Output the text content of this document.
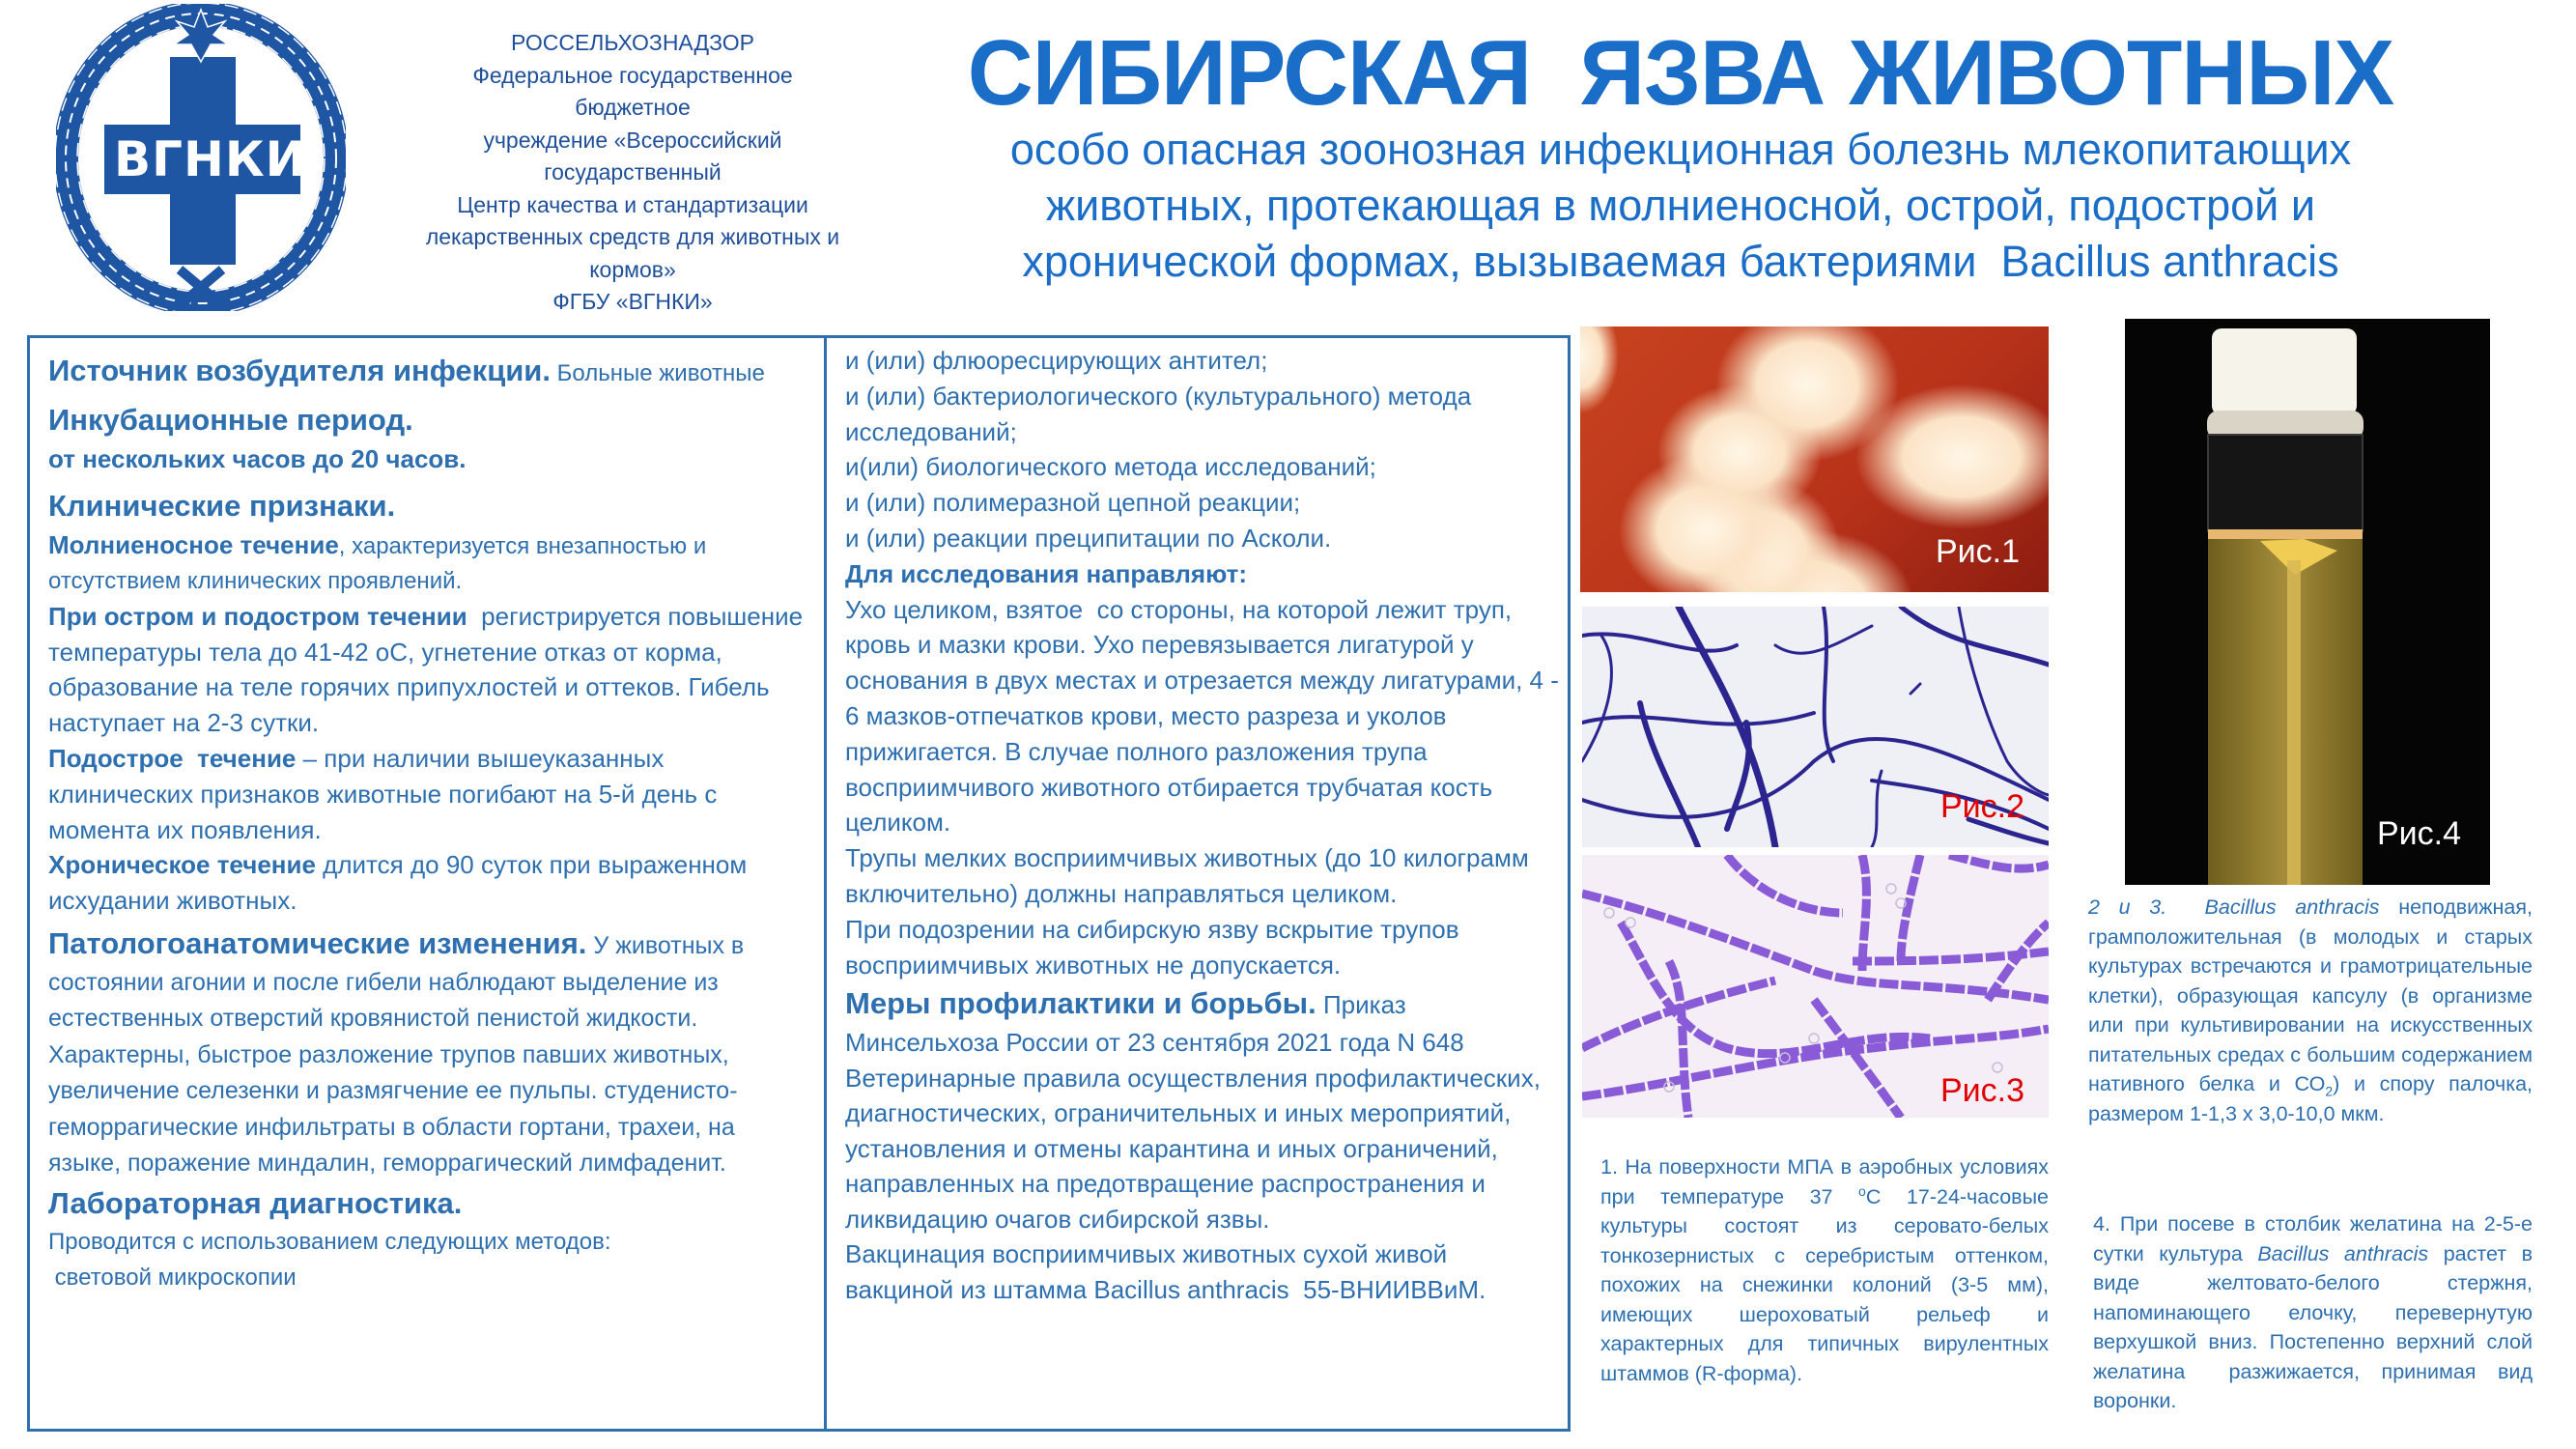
ВГНКИ
РОССЕЛЬХОЗНАДЗОР
Федеральное государственное
бюджетное
учреждение «Всероссийский
государственный
Центр качества и стандартизации
лекарственных средств для животных и
кормов»
ФГБУ «ВГНКИ»
СИБИРСКАЯ  ЯЗВА ЖИВОТНЫХ
особо опасная зоонозная инфекционная болезнь млекопитающих
животных, протекающая в молниеносной, острой, подострой и
хронической формах, вызываемая бактериями  Bacillus anthracis

Источник возбудителя инфекции. Больные животные

Инкубационные период.
от нескольких часов до 20 часов.

Клинические признаки.

Молниеносное течение, характеризуется внезапностью и отсутствием клинических проявлений.

При остром и подостром течении  регистрируется повышение температуры тела до 41-42 оС, угнетение отказ от корма, образование на теле горячих припухлостей и оттеков. Гибель наступает на 2-3 сутки.

Подострое  течение – при наличии вышеуказанных клинических признаков животные погибают на 5-й день с момента их появления.

Хроническое течение длится до 90 суток при выраженном исхудании животных.

Патологоанатомические изменения. У животных в состоянии агонии и после гибели наблюдают выделение из естественных отверстий кровянистой пенистой жидкости. Характерны, быстрое разложение трупов павших животных, увеличение селезенки и размягчение ее пульпы. студенисто-геморрагические инфильтраты в области гортани, трахеи, на языке, поражение миндалин, геморрагический лимфаденит.

Лабораторная диагностика.
Проводится с использованием следующих методов:
световой микроскопии

и (или) флюоресцирующих антител;
и (или) бактериологического (культурального) метода исследований;
и(или) биологического метода исследований;
и (или) полимеразной цепной реакции;
и (или) реакции преципитации по Асколи.
Для исследования направляют:
Ухо целиком, взятое  со стороны, на которой лежит труп, кровь и мазки крови. Ухо перевязывается лигатурой у основания в двух местах и отрезается между лигатурами, 4 - 6 мазков-отпечатков крови, место разреза и уколов прижигается. В случае полного разложения трупа восприимчивого животного отбирается трубчатая кость целиком.
Трупы мелких восприимчивых животных (до 10 килограмм включительно) должны направляться целиком.
При подозрении на сибирскую язву вскрытие трупов восприимчивых животных не допускается.

Меры профилактики и борьбы. Приказ Минсельхоза России от 23 сентября 2021 года N 648 Ветеринарные правила осуществления профилактических, диагностических, ограничительных и иных мероприятий, установления и отмены карантина и иных ограничений, направленных на предотвращение распространения и ликвидацию очагов сибирской язвы.

Вакцинация восприимчивых животных сухой живой вакциной из штамма Bacillus anthracis  55-ВНИИВВиМ.
Рис.1
Рис.2
Рис.3
Рис.4
1. На поверхности МПА в аэробных условиях при температуре 37 $^о$С 17-24-часовые культуры состоят из серовато-белых тонкозернистых с серебристым оттенком, похожих на снежинки колоний (3-5 мм), имеющих шероховатый рельеф и характерных для типичных вирулентных штаммов (R-форма).
2 и 3.  Bacillus anthracis неподвижная, грамположительная (в молодых и старых культурах встречаются и грамотрицательные клетки), образующая капсулу (в организме или при культивировании на искусственных питательных средах с большим содержанием нативного белка и $СО_2$) и спору палочка, размером 1-1,3 х 3,0-10,0 мкм.
4. При посеве в столбик желатина на 2-5-е сутки культура Bacillus anthracis растет в виде желтовато-белого стержня, напоминающего елочку, перевернутую верхушкой вниз. Постепенно верхний слой желатина  разжижается, принимая вид воронки.
